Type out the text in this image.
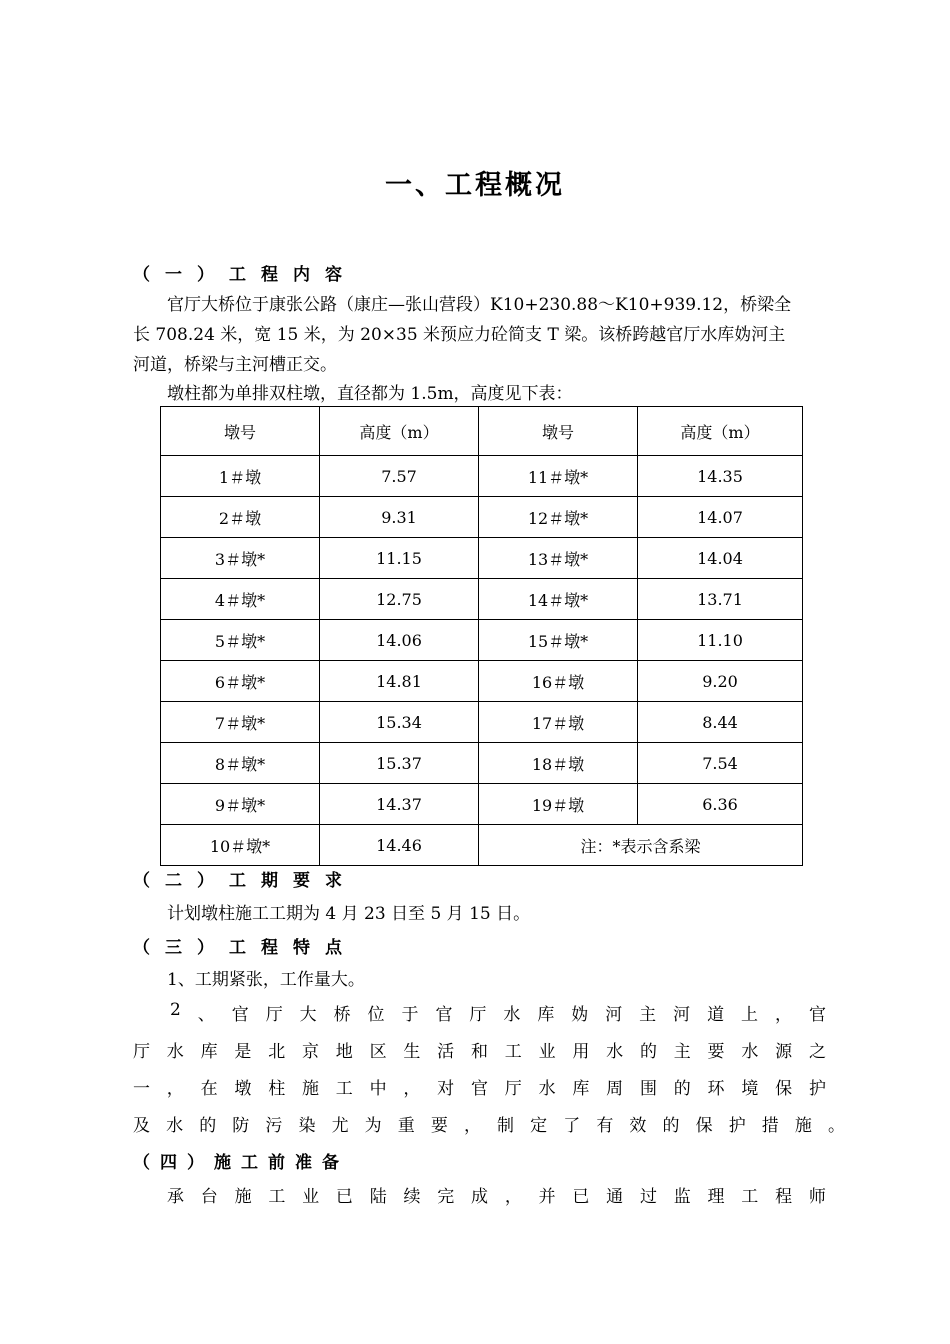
一、工程概况
（一）工程内容
官厅大桥位于康张公路（康庄—张山营段）K10+230.88～K10+939.12，桥梁全
长 708.24 米，宽 15 米，为 20×35 米预应力砼简支 T 梁。该桥跨越官厅水库妫河主
河道，桥梁与主河槽正交。
墩柱都为单排双柱墩，直径都为 1.5m，高度见下表：
墩号	高度（m）	墩号	高度（m）
1＃墩	7.57	11＃墩*	14.35
2＃墩	9.31	12＃墩*	14.07
3＃墩*	11.15	13＃墩*	14.04
4＃墩*	12.75	14＃墩*	13.71
5＃墩*	14.06	15＃墩*	11.10
6＃墩*	14.81	16＃墩	9.20
7＃墩*	15.34	17＃墩	8.44
8＃墩*	15.37	18＃墩	7.54
9＃墩*	14.37	19＃墩	6.36
10＃墩*	14.46	注：*表示含系梁	
（二）工期要求
计划墩柱施工工期为 4 月 23 日至 5 月 15 日。
（三）工程特点
1、工期紧张，工作量大。
2 、 官 厅 大 桥 位 于 官 厅 水 库 妫 河 主 河 道 上 ， 官
厅 水 库 是 北 京 地 区 生 活 和 工 业 用 水 的 主 要 水 源 之
一 ， 在 墩 柱 施 工 中 ， 对 官 厅 水 库 周 围 的 环 境 保 护
及 水 的 防 污 染 尤 为 重 要 ， 制 定 了 有 效 的 保 护 措 施 。
（四）施工前准备
承 台 施 工 业 已 陆 续 完 成 ， 并 已 通 过 监 理 工 程 师
